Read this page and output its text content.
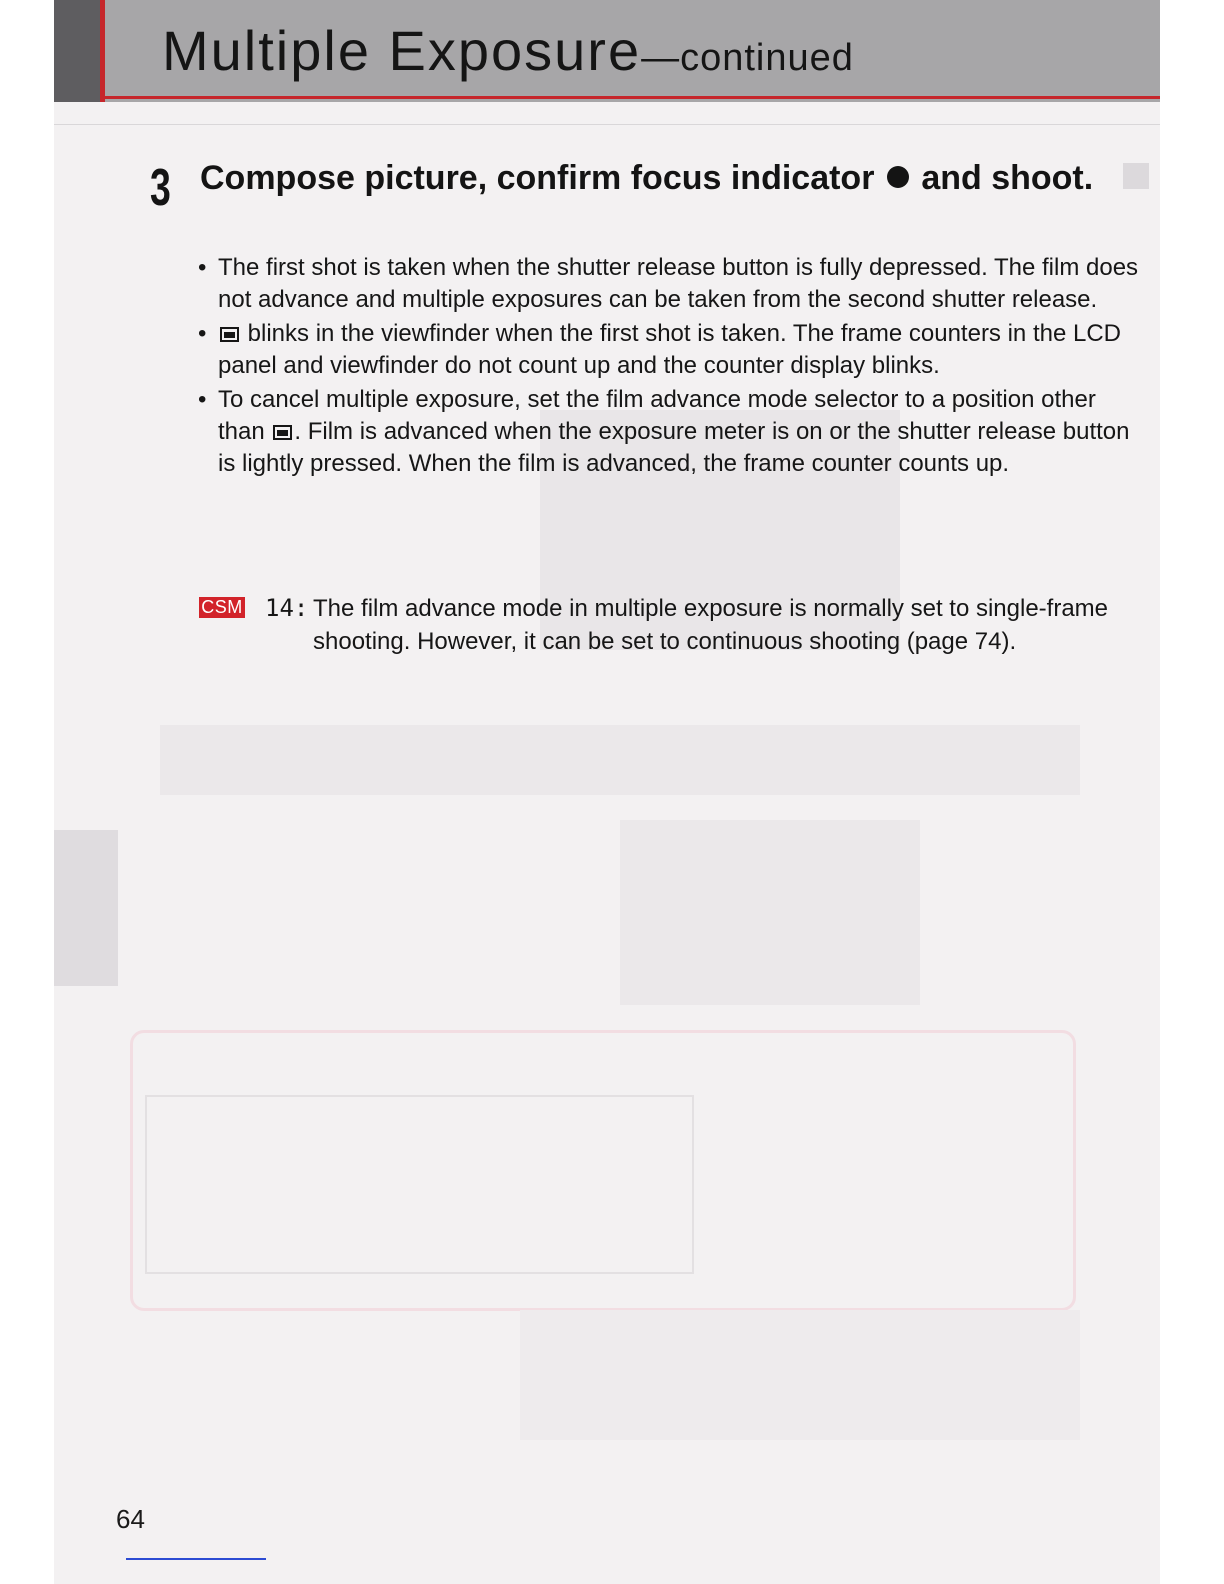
Multiple Exposure—continued
3 Compose picture, confirm focus indicator and shoot.
• The first shot is taken when the shutter release button is fully depressed. The film does not advance and multiple exposures can be taken from the second shutter release.
• blinks in the viewfinder when the first shot is taken. The frame counters in the LCD panel and viewfinder do not count up and the counter display blinks.
• To cancel multiple exposure, set the film advance mode selector to a position other than . Film is advanced when the exposure meter is on or the shutter release button is lightly pressed. When the film is advanced, the frame counter counts up.
CSM 14: The film advance mode in multiple exposure is normally set to single-frame shooting. However, it can be set to continuous shooting (page 74).

64
